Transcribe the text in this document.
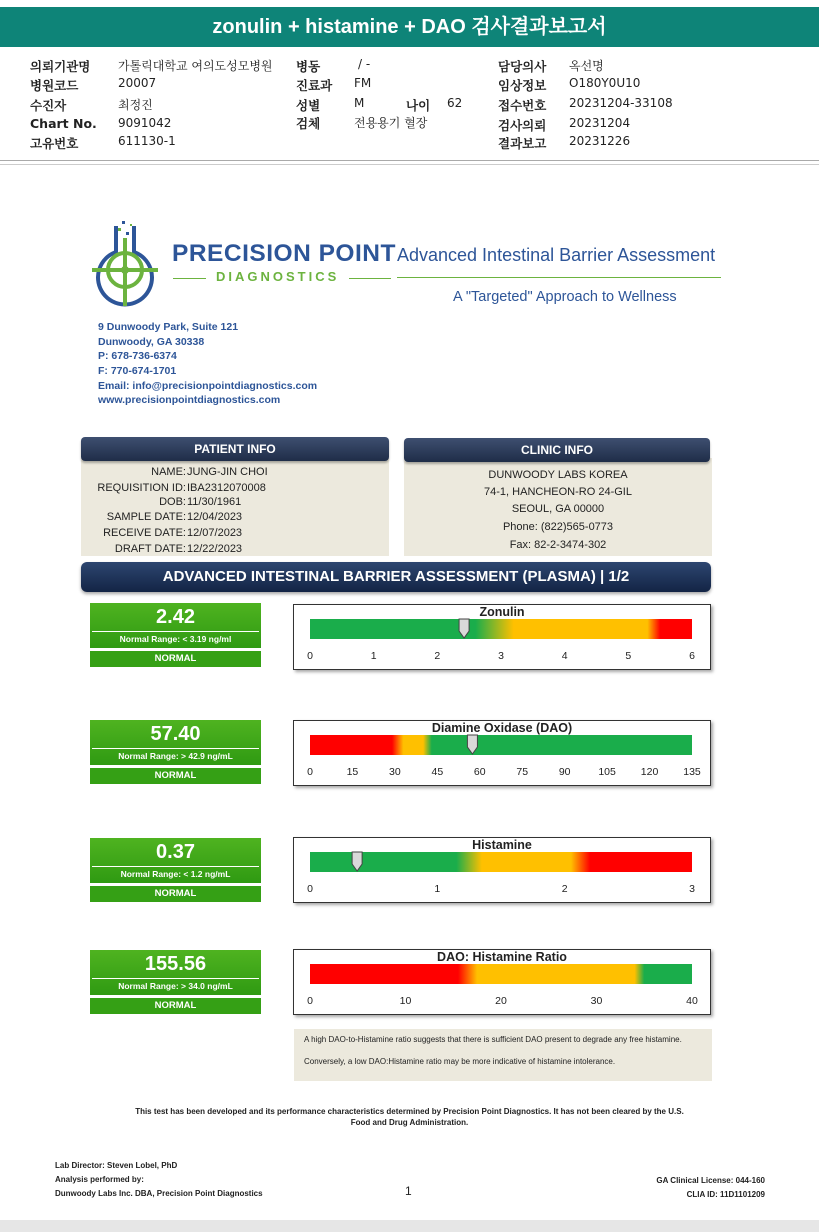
zonulin + histamine + DAO 검사결과보고서
의뢰기관명 가톨릭대학교 여의도성모병원
병원코드	20007
수진자	최정진
Chart No. 9091042
고유번호	611130-1
병동	/ -
진료과 FM
성별	M	나이 62
검체	전용용기 혈장
담당의사 옥선명
임상정보 O180Y0U10
접수번호 20231204-33108
검사의뢰 20231204
결과보고 20231226
PRECISION POINT
DIAGNOSTICS
Advanced Intestinal Barrier Assessment
A "Targeted" Approach to Wellness
9 Dunwoody Park, Suite 121
Dunwoody, GA 30338
P: 678-736-6374
F: 770-674-1701
Email: info@precisionpointdiagnostics.com
www.precisionpointdiagnostics.com
NAME: JUNG-JIN CHOI
REQUISITION ID: IBA2312070008
DOB: 11/30/1961
SAMPLE DATE: 12/04/2023
RECEIVE DATE: 12/07/2023
DRAFT DATE: 12/22/2023
PATIENT INFO
DUNWOODY LABS KOREA
74-1, HANCHEON-RO 24-GIL
SEOUL, GA 00000
Phone: (822)565-0773
Fax: 82-2-3474-302
CLINIC INFO
ADVANCED INTESTINAL BARRIER ASSESSMENT (PLASMA) | 1/2
2.42
Normal Range: < 3.19 ng/ml
NORMAL
Zonulin
0	1	2	3	4	5	6
57.40
Normal Range: > 42.9 ng/mL
NORMAL
Diamine Oxidase (DAO)
0	15	30	45	60	75	90	105 120 135
0.37
Normal Range: < 1.2 ng/mL
NORMAL
Histamine
0	1	2	3
155.56
Normal Range: > 34.0 ng/mL
NORMAL
DAO: Histamine Ratio
0	10	20	30	40
A high DAO-to-Histamine ratio suggests that there is sufficient DAO present to degrade any free histamine.
Conversely, a low DAO:Histamine ratio may be more indicative of histamine intolerance.
This test has been developed and its performance characteristics determined by Precision Point Diagnostics. It has not been cleared by the U.S.
Food and Drug Administration.
Lab Director: Steven Lobel, PhD
Analysis performed by:
Dunwoody Labs Inc. DBA, Precision Point Diagnostics	1
GA Clinical License: 044-160
CLIA ID: 11D1101209
